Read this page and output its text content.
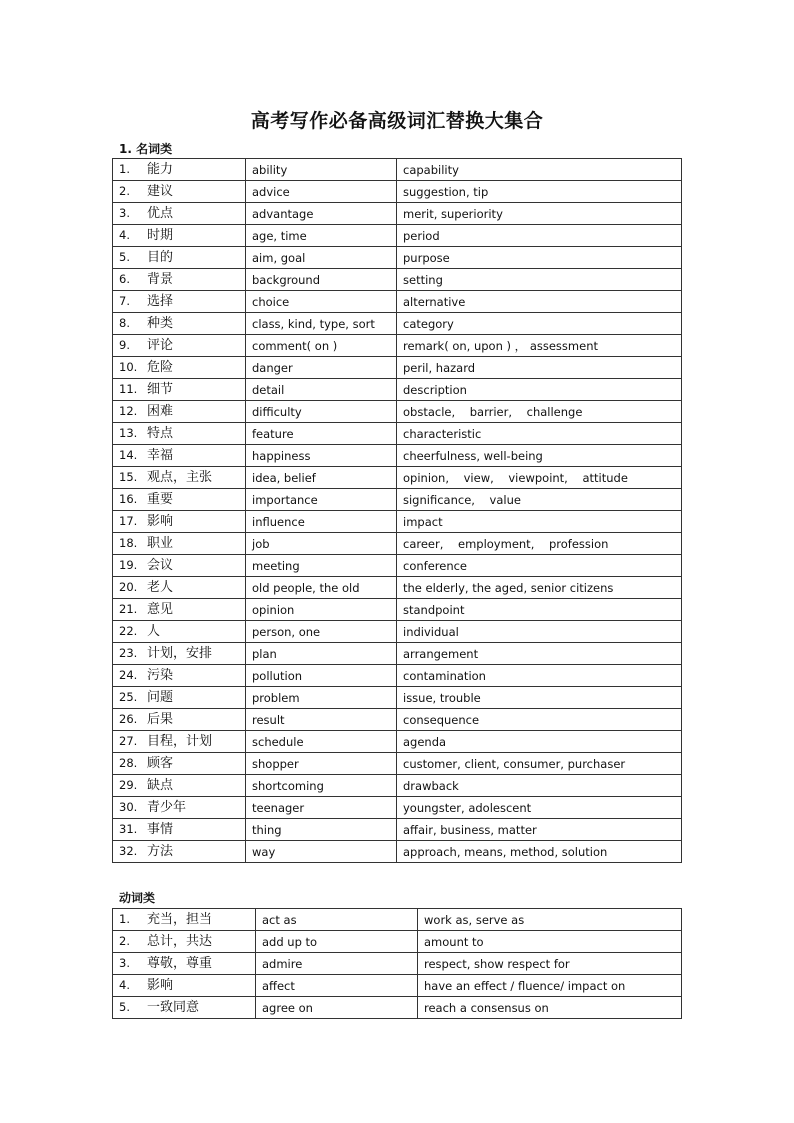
高考写作必备高级词汇替换大集合
1. 名词类
1. 能力	ability	capability
2. 建议	advice	suggestion, tip
3. 优点	advantage	merit, superiority
4. 时期	age, time	period
5. 目的	aim, goal	purpose
6. 背景	background	setting
7. 选择	choice	alternative
8. 种类	class, kind, type, sort	category
9. 评论	comment( on )	remark( on, upon ) ， assessment
10. 危险	danger	peril, hazard
11. 细节	detail	description
12. 困难	difficulty	obstacle,    barrier,    challenge
13. 特点	feature	characteristic
14. 幸福	happiness	cheerfulness, well-being
15. 观点，主张	idea, belief	opinion,    view,    viewpoint,    attitude
16. 重要	importance	significance,    value
17. 影响	influence	impact
18. 职业	job	career,    employment,    profession
19. 会议	meeting	conference
20. 老人	old people, the old	the elderly, the aged, senior citizens
21. 意见	opinion	standpoint
22. 人	person, one	individual
23. 计划，安排	plan	arrangement
24. 污染	pollution	contamination
25. 问题	problem	issue, trouble
26. 后果	result	consequence
27. 目程，计划	schedule	agenda
28. 顾客	shopper	customer, client, consumer, purchaser
29. 缺点	shortcoming	drawback
30. 青少年	teenager	youngster, adolescent
31. 事情	thing	affair, business, matter
32. 方法	way	approach, means, method, solution
动词类
1. 充当，担当	act as	work as, serve as
2. 总计，共达	add up to	amount to
3. 尊敬，尊重	admire	respect, show respect for
4. 影响	affect	have an effect / fluence/ impact on
5. 一致同意	agree on	reach a consensus on
